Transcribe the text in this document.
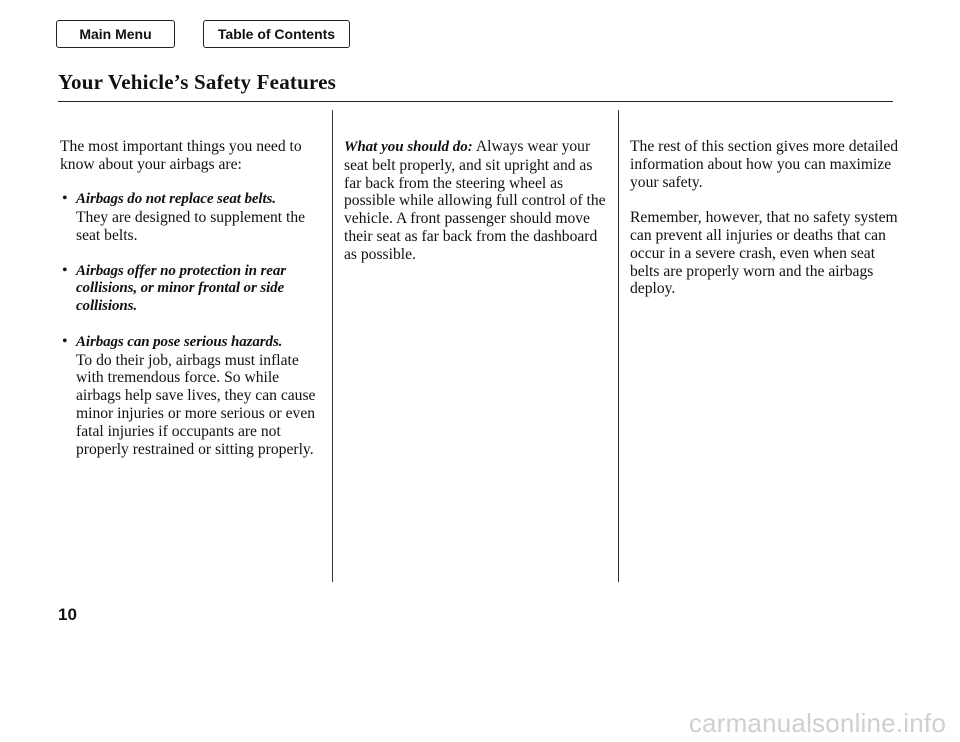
Main Menu	Table of Contents
Your Vehicle’s Safety Features

The most important things you need to know about your airbags are:

• Airbags do not replace seat belts.
They are designed to supplement the seat belts.
• Airbags offer no protection in rear collisions, or minor frontal or side collisions.
• Airbags can pose serious hazards.
To do their job, airbags must inflate with tremendous force. So while airbags help save lives, they can cause minor injuries or more serious or even fatal injuries if occupants are not properly restrained or sitting properly.

What you should do: Always wear your seat belt properly, and sit upright and as far back from the steering wheel as possible while allowing full control of the vehicle. A front passenger should move their seat as far back from the dashboard as possible.

The rest of this section gives more detailed information about how you can maximize your safety.

Remember, however, that no safety system can prevent all injuries or deaths that can occur in a severe crash, even when seat belts are properly worn and the airbags deploy.

10
carmanualsonline.info
